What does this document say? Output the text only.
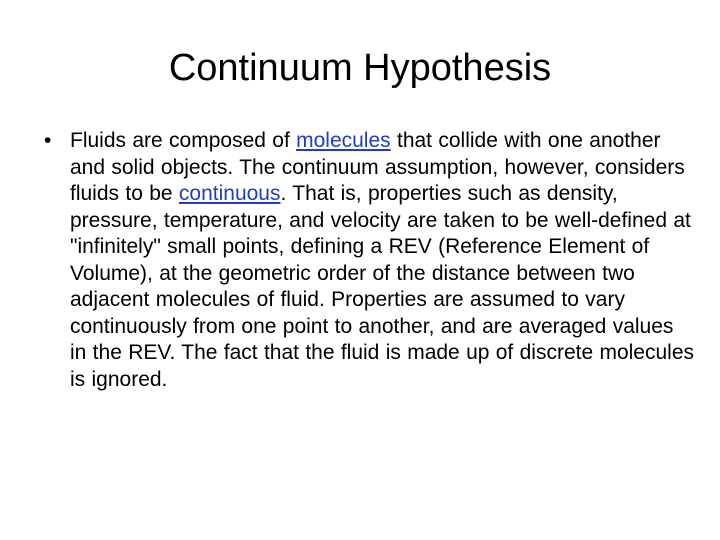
Continuum Hypothesis
• Fluids are composed of molecules that collide with one another and solid objects. The continuum assumption, however, considers fluids to be continuous. That is, properties such as density, pressure, temperature, and velocity are taken to be well-defined at "infinitely" small points, defining a REV (Reference Element of Volume), at the geometric order of the distance between two adjacent molecules of fluid. Properties are assumed to vary continuously from one point to another, and are averaged values in the REV. The fact that the fluid is made up of discrete molecules is ignored.
